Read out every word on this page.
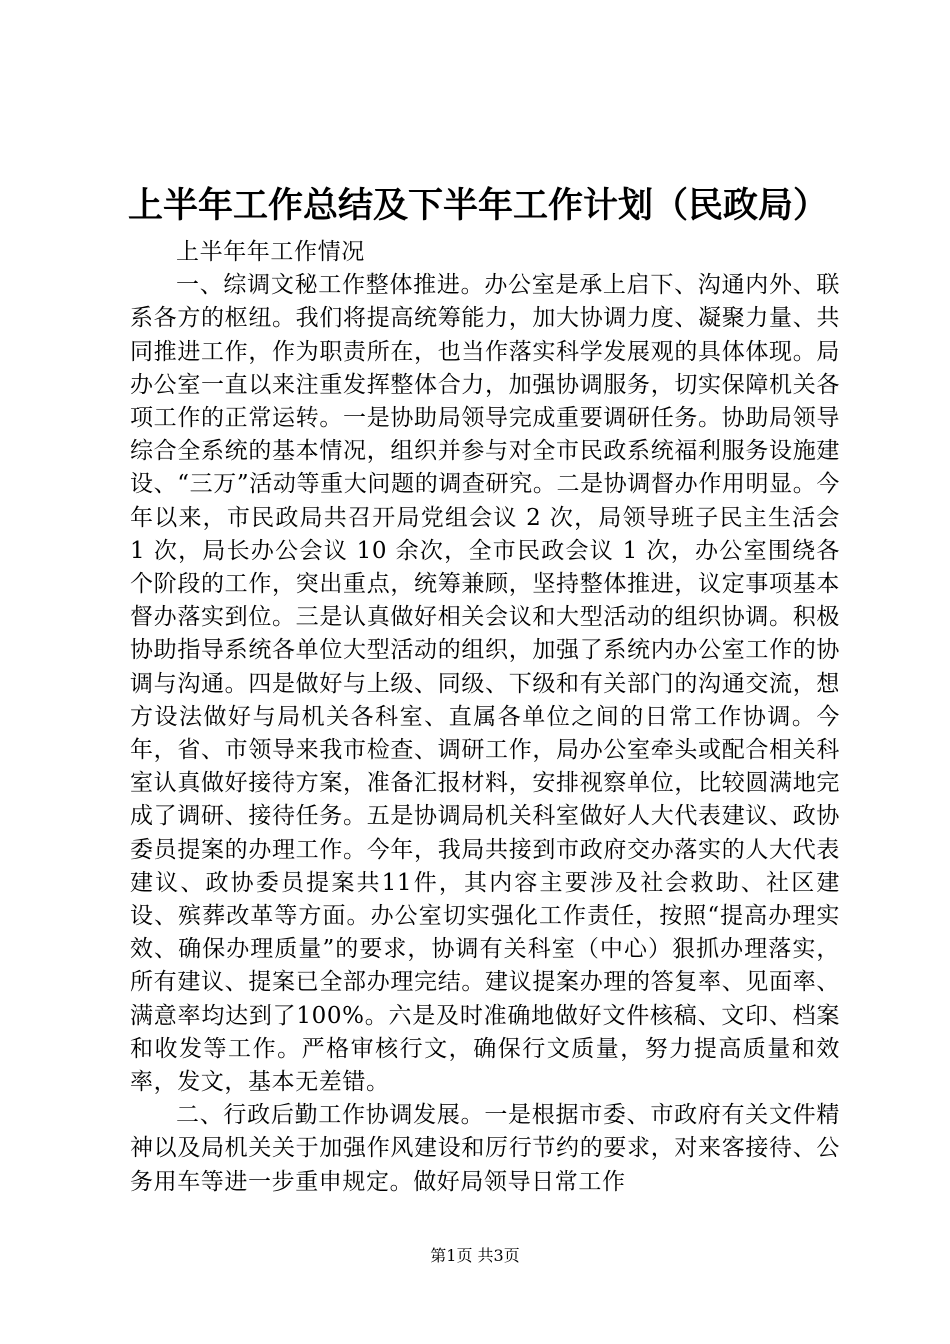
上半年工作总结及下半年工作计划（民政局）

上半年年工作情况

一、综调文秘工作整体推进。办公室是承上启下、沟通内外、联系各方的枢纽。我们将提高统筹能力，加大协调力度、凝聚力量、共同推进工作，作为职责所在，也当作落实科学发展观的具体体现。局办公室一直以来注重发挥整体合力，加强协调服务，切实保障机关各项工作的正常运转。一是协助局领导完成重要调研任务。协助局领导综合全系统的基本情况，组织并参与对全市民政系统福利服务设施建设、“三万”活动等重大问题的调查研究。二是协调督办作用明显。今年以来，市民政局共召开局党组会议 2 次，局领导班子民主生活会 1 次，局长办公会议 10 余次，全市民政会议 1 次，办公室围绕各个阶段的工作，突出重点，统筹兼顾，坚持整体推进，议定事项基本督办落实到位。三是认真做好相关会议和大型活动的组织协调。积极协助指导系统各单位大型活动的组织，加强了系统内办公室工作的协调与沟通。四是做好与上级、同级、下级和有关部门的沟通交流，想方设法做好与局机关各科室、直属各单位之间的日常工作协调。今年，省、市领导来我市检查、调研工作，局办公室牵头或配合相关科室认真做好接待方案，准备汇报材料，安排视察单位，比较圆满地完成了调研、接待任务。五是协调局机关科室做好人大代表建议、政协委员提案的办理工作。今年，我局共接到市政府交办落实的人大代表建议、政协委员提案共11件，其内容主要涉及社会救助、社区建设、殡葬改革等方面。办公室切实强化工作责任，按照“提高办理实效、确保办理质量”的要求，协调有关科室（中心）狠抓办理落实，所有建议、提案已全部办理完结。建议提案办理的答复率、见面率、满意率均达到了100%。六是及时准确地做好文件核稿、文印、档案和收发等工作。严格审核行文，确保行文质量，努力提高质量和效率，发文，基本无差错。

二、行政后勤工作协调发展。一是根据市委、市政府有关文件精神以及局机关关于加强作风建设和厉行节约的要求，对来客接待、公务用车等进一步重申规定。做好局领导日常工作

第1页 共3页
